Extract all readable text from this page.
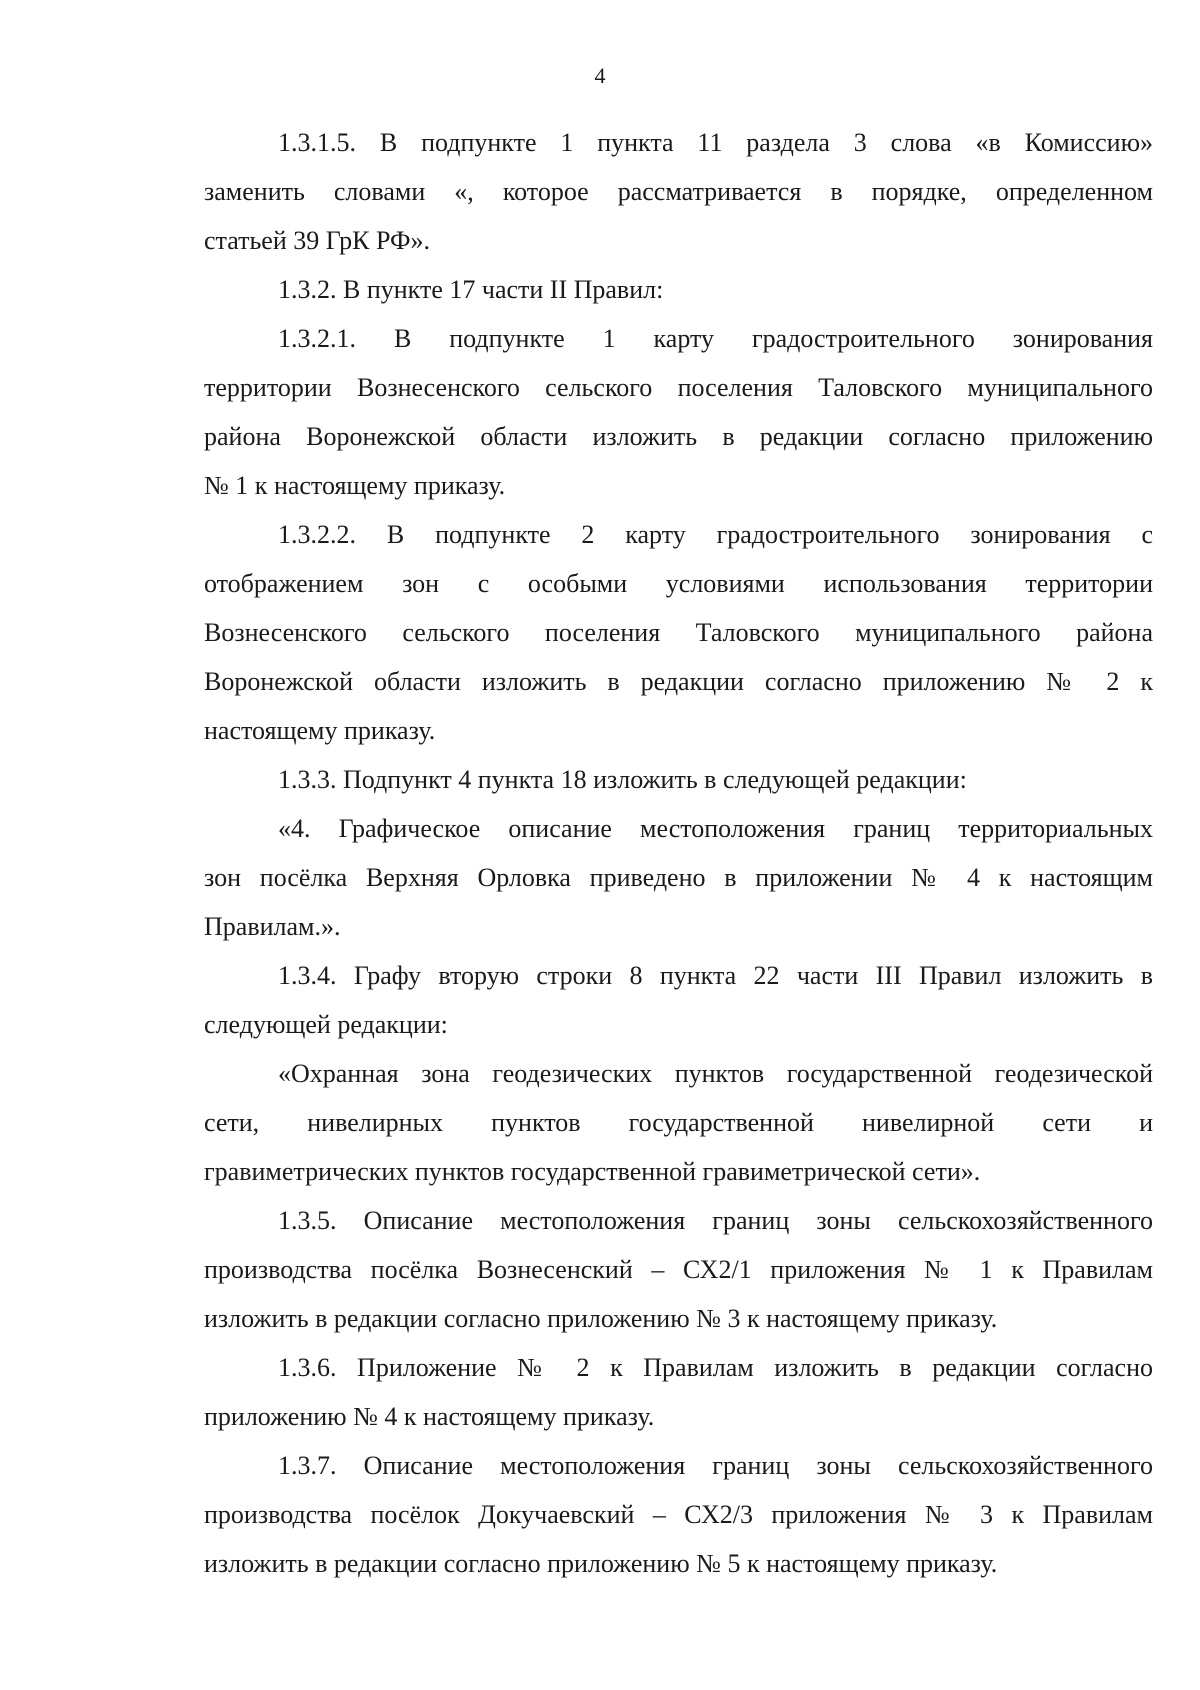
4

1.3.1.5. В подпункте 1 пункта 11 раздела 3 слова «в Комиссию»
заменить словами «, которое рассматривается в порядке, определенном
статьей 39 ГрК РФ».

1.3.2. В пункте 17 части II Правил:

1.3.2.1. В подпункте 1 карту градостроительного зонирования
территории Вознесенского сельского поселения Таловского муниципального
района Воронежской области изложить в редакции согласно приложению
№ 1 к настоящему приказу.

1.3.2.2. В подпункте 2 карту градостроительного зонирования с
отображением зон с особыми условиями использования территории
Вознесенского сельского поселения Таловского муниципального района
Воронежской области изложить в редакции согласно приложению № 2 к
настоящему приказу.

1.3.3. Подпункт 4 пункта 18 изложить в следующей редакции:

«4. Графическое описание местоположения границ территориальных
зон посёлка Верхняя Орловка приведено в приложении № 4 к настоящим
Правилам.».

1.3.4. Графу вторую строки 8 пункта 22 части III Правил изложить в
следующей редакции:

«Охранная зона геодезических пунктов государственной геодезической
сети, нивелирных пунктов государственной нивелирной сети и
гравиметрических пунктов государственной гравиметрической сети».

1.3.5. Описание местоположения границ зоны сельскохозяйственного
производства посёлка Вознесенский – СХ2/1 приложения № 1 к Правилам
изложить в редакции согласно приложению № 3 к настоящему приказу.

1.3.6. Приложение № 2 к Правилам изложить в редакции согласно
приложению № 4 к настоящему приказу.

1.3.7. Описание местоположения границ зоны сельскохозяйственного
производства посёлок Докучаевский – СХ2/3 приложения № 3 к Правилам
изложить в редакции согласно приложению № 5 к настоящему приказу.
